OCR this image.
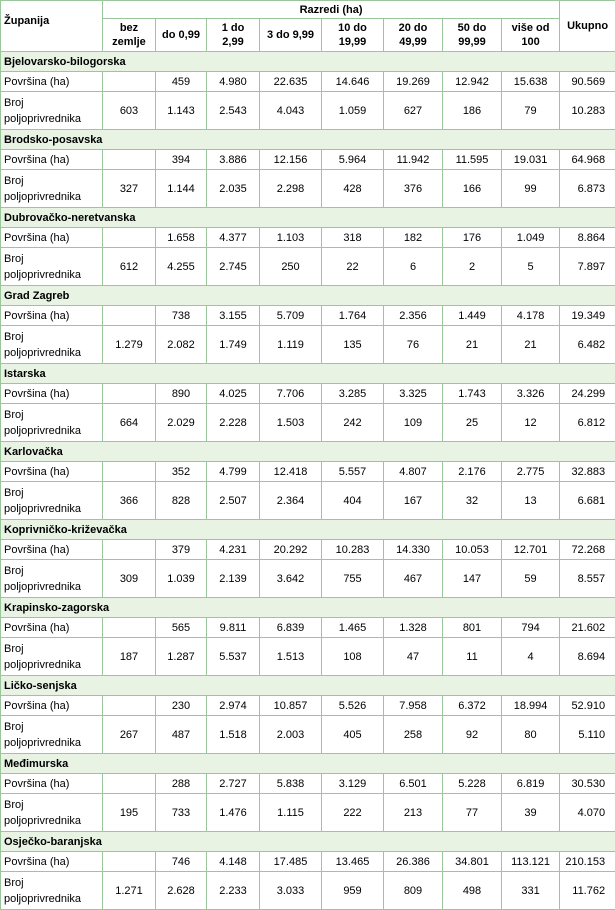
Županija	Razredi (ha)								Ukupno
	bez zemlje	do 0,99	1 do 2,99	3 do 9,99	10 do 19,99	20 do 49,99	50 do 99,99	više od 100	
Bjelovarsko-bilogorska									
Površina (ha)		459	4.980	22.635	14.646	19.269	12.942	15.638	90.569
Broj poljoprivrednika	603	1.143	2.543	4.043	1.059	627	186	79	10.283
Brodsko-posavska									
Površina (ha)		394	3.886	12.156	5.964	11.942	11.595	19.031	64.968
Broj poljoprivrednika	327	1.144	2.035	2.298	428	376	166	99	6.873
Dubrovačko-neretvanska									
Površina (ha)		1.658	4.377	1.103	318	182	176	1.049	8.864
Broj poljoprivrednika	612	4.255	2.745	250	22	6	2	5	7.897
Grad Zagreb									
Površina (ha)		738	3.155	5.709	1.764	2.356	1.449	4.178	19.349
Broj poljoprivrednika	1.279	2.082	1.749	1.119	135	76	21	21	6.482
Istarska									
Površina (ha)		890	4.025	7.706	3.285	3.325	1.743	3.326	24.299
Broj poljoprivrednika	664	2.029	2.228	1.503	242	109	25	12	6.812
Karlovačka									
Površina (ha)		352	4.799	12.418	5.557	4.807	2.176	2.775	32.883
Broj poljoprivrednika	366	828	2.507	2.364	404	167	32	13	6.681
Koprivničko-križevačka									
Površina (ha)		379	4.231	20.292	10.283	14.330	10.053	12.701	72.268
Broj poljoprivrednika	309	1.039	2.139	3.642	755	467	147	59	8.557
Krapinsko-zagorska									
Površina (ha)		565	9.811	6.839	1.465	1.328	801	794	21.602
Broj poljoprivrednika	187	1.287	5.537	1.513	108	47	11	4	8.694
Ličko-senjska									
Površina (ha)		230	2.974	10.857	5.526	7.958	6.372	18.994	52.910
Broj poljoprivrednika	267	487	1.518	2.003	405	258	92	80	5.110
Međimurska									
Površina (ha)		288	2.727	5.838	3.129	6.501	5.228	6.819	30.530
Broj poljoprivrednika	195	733	1.476	1.115	222	213	77	39	4.070
Osječko-baranjska									
Površina (ha)		746	4.148	17.485	13.465	26.386	34.801	113.121	210.153
Broj poljoprivrednika	1.271	2.628	2.233	3.033	959	809	498	331	11.762
